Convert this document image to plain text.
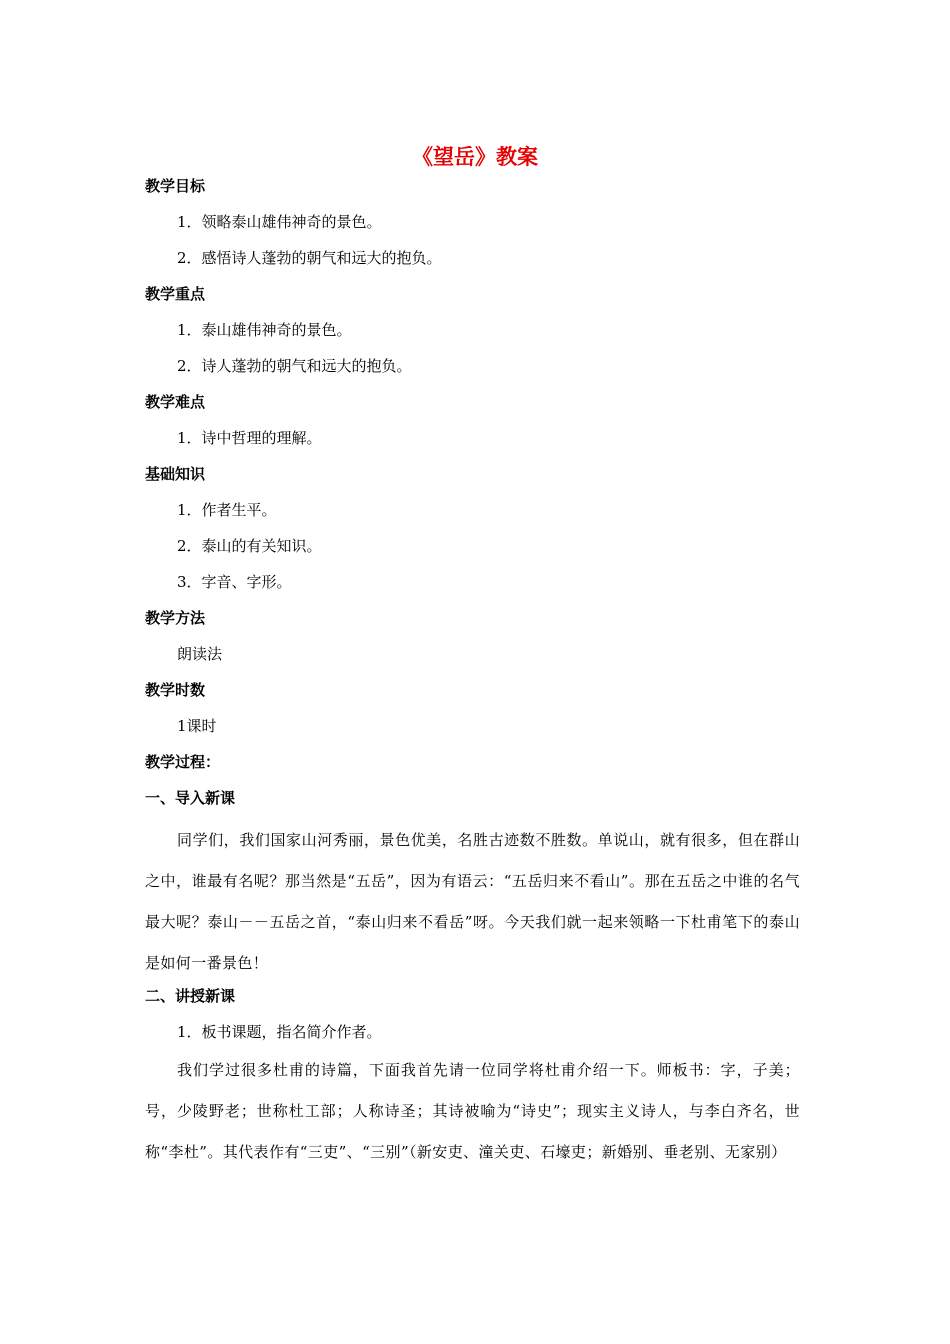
《望岳》教案

教学目标

1．领略泰山雄伟神奇的景色。

2．感悟诗人蓬勃的朝气和远大的抱负。

教学重点

1．泰山雄伟神奇的景色。

2．诗人蓬勃的朝气和远大的抱负。

教学难点

1．诗中哲理的理解。

基础知识

1．作者生平。

2．泰山的有关知识。

3．字音、字形。

教学方法

朗读法

教学时数

1课时

教学过程：

一、导入新课

同学们，我们国家山河秀丽，景色优美，名胜古迹数不胜数。单说山，就有很多，但在群山之中，谁最有名呢？那当然是“五岳”，因为有语云：“五岳归来不看山”。那在五岳之中谁的名气最大呢？泰山－－五岳之首，“泰山归来不看岳”呀。今天我们就一起来领略一下杜甫笔下的泰山是如何一番景色！

二、讲授新课

1．板书课题，指名简介作者。

我们学过很多杜甫的诗篇，下面我首先请一位同学将杜甫介绍一下。师板书：字，子美；号，少陵野老；世称杜工部；人称诗圣；其诗被喻为“诗史”；现实主义诗人，与李白齐名，世称“李杜”。其代表作有“三吏”、“三别”（新安吏、潼关吏、石壕吏；新婚别、垂老别、无家别）
